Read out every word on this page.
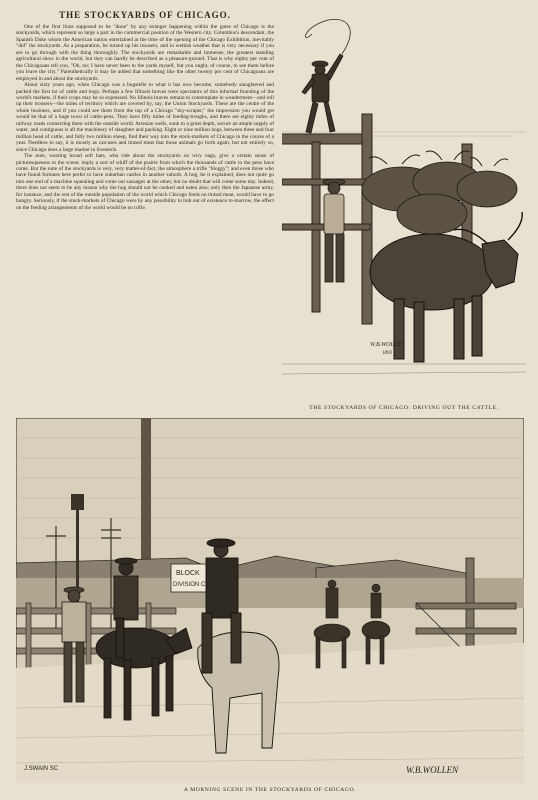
THE STOCKYARDS OF CHICAGO.

One of the first lions supposed to be "done" by any stranger happening within the gates of Chicago is the stockyards, which represent so large a part in the commercial position of the Western city. Columbus's descendant, the Spanish Duke whom the American nation entertained at the time of the opening of the Chicago Exhibition, inevitably "did" the stockyards. As a preparation, he turned up his trousers, and in wettish weather that is very necessary if you are to go through with the thing thoroughly. The stockyards are remarkable and immense, the greatest standing agricultural show in the world, but they can hardly be described as a pleasure-ground. That is why eighty per cent of the Chicagoans tell you, "Oh, no; I have never been to the yards myself, but you ought, of course, to see them before you leave the city." Parenthetically it may be added that something like the other twenty per cent of Chicagoans are employed in and about the stockyards.

About sixty years ago, when Chicago was a bugstelle to what it has now become, somebody slaughtered and packed the first lot of cattle and hogs. Perhaps a few Illinois braves were spectators of this informal founding of the world's markets, if their crops may be so expressed. No Illinois braves remain to contemplate in wonderment—and roll up their trousers—the miles of territory which are covered by, say, the Union Stockyards. These are the centre of the whole business, and if you could see them from the top of a Chicago "sky-scraper," the impression you would get would be that of a huge town of cattle-pens. They have fifty miles of feeding-troughs, and there are eighty miles of railway roads connecting them with the outside world. Artesian wells, sunk to a great depth, secure an ample supply of water, and contiguous is all the machinery of slaughter and packing. Eight or nine million hogs, between three and four million head of cattle, and fully two million sheep, find their way into the stock-markets of Chicago in the course of a year. Needless to say, it is mostly as carcases and tinned meat that those animals go forth again, but not entirely so, since Chicago does a large market in livestock.

The men, wearing broad soft hats, who ride about the stockyards on wiry nags, give a certain sense of picturesqueness to the scene; imply a sort of whiff of the prairie from which the thousands of cattle in the pens have come. But the note of the stockyards is very, very matter-of-fact, the atmosphere a trifle "bloggy"; and even those who have found fortunes here prefer to have suburban castles in another suburb. A hog, be it explained, does not quite go into one end of a machine squealing and come out sausages at the other, but no doubt that will come some day. Indeed, there does not seem to be any reason why the hog should not be cooked and eaten also; only then the Japanese army, for instance, and the rest of the outside population of the world which Chicago feeds on tinned meat, would have to go hungry. Seriously, if the stock-markets of Chicago were by any possibility to bob out of existence to-morrow, the effect on the feeding arrangements of the world would be no trifle.

W.B.WOLLEN
1893
THE STOCKYARDS OF CHICAGO: DRIVING OUT THE CATTLE.
BLOCK
DIVISION C
J.SWAIN SC	W.B.WOLLEN
A MORNING SCENE IN THE STOCKYARDS OF CHICAGO.
